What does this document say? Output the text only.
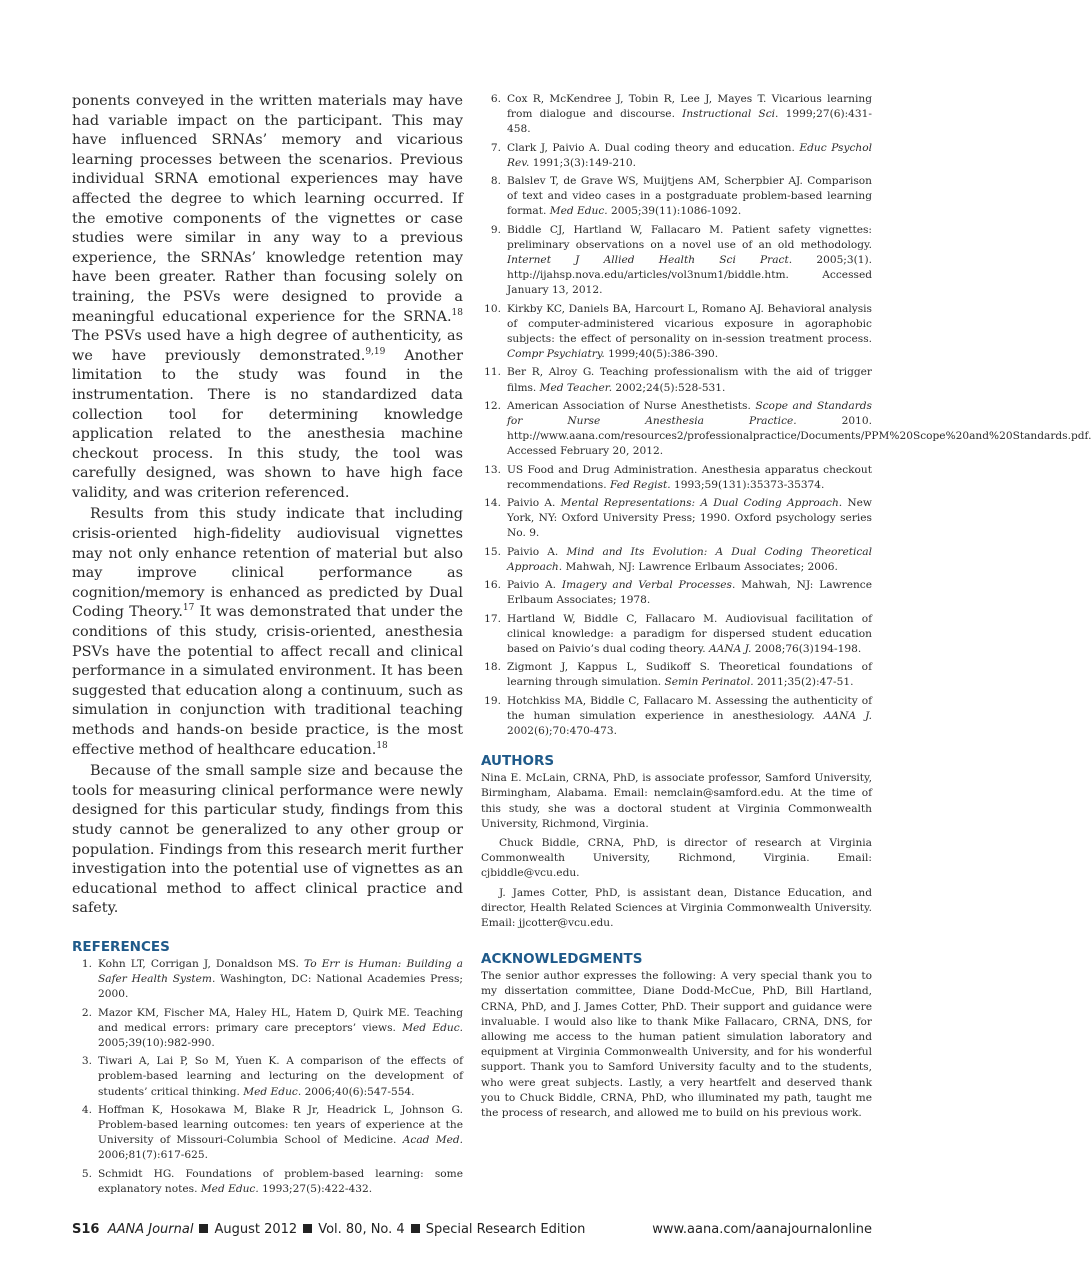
ponents conveyed in the written materials may have had variable impact on the participant. This may have influenced SRNAs’ memory and vicarious learning processes between the scenarios. Previous individual SRNA emotional experiences may have affected the degree to which learning occurred. If the emotive components of the vignettes or case studies were similar in any way to a previous experience, the SRNAs’ knowledge retention may have been greater. Rather than focusing solely on training, the PSVs were designed to provide a meaningful educational experience for the SRNA.$^{18}$ The PSVs used have a high degree of authenticity, as we have previously demonstrated.$^{9,19}$ Another limitation to the study was found in the instrumentation. There is no standardized data collection tool for determining knowledge application related to the anesthesia machine checkout process. In this study, the tool was carefully designed, was shown to have high face validity, and was criterion referenced.

Results from this study indicate that including crisis-oriented high-fidelity audiovisual vignettes may not only enhance retention of material but also may improve clinical performance as cognition/memory is enhanced as predicted by Dual Coding Theory.$^{17}$ It was demonstrated that under the conditions of this study, crisis-oriented, anesthesia PSVs have the potential to affect recall and clinical performance in a simulated environment. It has been suggested that education along a continuum, such as simulation in conjunction with traditional teaching methods and hands-on beside practice, is the most effective method of healthcare education.$^{18}$

Because of the small sample size and because the tools for measuring clinical performance were newly designed for this particular study, findings from this study cannot be generalized to any other group or population. Findings from this research merit further investigation into the potential use of vignettes as an educational method to affect clinical practice and safety.

REFERENCES
1. Kohn LT, Corrigan J, Donaldson MS. To Err is Human: Building a Safer Health System. Washington, DC: National Academies Press; 2000.
2. Mazor KM, Fischer MA, Haley HL, Hatem D, Quirk ME. Teaching and medical errors: primary care preceptors’ views. Med Educ. 2005;39(10):982-990.
3. Tiwari A, Lai P, So M, Yuen K. A comparison of the effects of problem-based learning and lecturing on the development of students’ critical thinking. Med Educ. 2006;40(6):547-554.
4. Hoffman K, Hosokawa M, Blake R Jr, Headrick L, Johnson G. Problem-based learning outcomes: ten years of experience at the University of Missouri-Columbia School of Medicine. Acad Med. 2006;81(7):617-625.
5. Schmidt HG. Foundations of problem-based learning: some explanatory notes. Med Educ. 1993;27(5):422-432.
6. Cox R, McKendree J, Tobin R, Lee J, Mayes T. Vicarious learning from dialogue and discourse. Instructional Sci. 1999;27(6):431-458.
7. Clark J, Paivio A. Dual coding theory and education. Educ Psychol Rev. 1991;3(3):149-210.
8. Balslev T, de Grave WS, Muijtjens AM, Scherpbier AJ. Comparison of text and video cases in a postgraduate problem-based learning format. Med Educ. 2005;39(11):1086-1092.
9. Biddle CJ, Hartland W, Fallacaro M. Patient safety vignettes: preliminary observations on a novel use of an old methodology. Internet J Allied Health Sci Pract. 2005;3(1). http://ijahsp.nova.edu/articles/vol3num1/biddle.htm. Accessed January 13, 2012.
10. Kirkby KC, Daniels BA, Harcourt L, Romano AJ. Behavioral analysis of computer-administered vicarious exposure in agoraphobic subjects: the effect of personality on in-session treatment process. Compr Psychiatry. 1999;40(5):386-390.
11. Ber R, Alroy G. Teaching professionalism with the aid of trigger films. Med Teacher. 2002;24(5):528-531.
12. American Association of Nurse Anesthetists. Scope and Standards for Nurse Anesthesia Practice. 2010. http://www.aana.com/resources2/professionalpractice/Documents/PPM%20Scope%20and%20Standards.pdf. Accessed February 20, 2012.
13. US Food and Drug Administration. Anesthesia apparatus checkout recommendations. Fed Regist. 1993;59(131):35373-35374.
14. Paivio A. Mental Representations: A Dual Coding Approach. New York, NY: Oxford University Press; 1990. Oxford psychology series No. 9.
15. Paivio A. Mind and Its Evolution: A Dual Coding Theoretical Approach. Mahwah, NJ: Lawrence Erlbaum Associates; 2006.
16. Paivio A. Imagery and Verbal Processes. Mahwah, NJ: Lawrence Erlbaum Associates; 1978.
17. Hartland W, Biddle C, Fallacaro M. Audiovisual facilitation of clinical knowledge: a paradigm for dispersed student education based on Paivio’s dual coding theory. AANA J. 2008;76(3)194-198.
18. Zigmont J, Kappus L, Sudikoff S. Theoretical foundations of learning through simulation. Semin Perinatol. 2011;35(2):47-51.
19. Hotchkiss MA, Biddle C, Fallacaro M. Assessing the authenticity of the human simulation experience in anesthesiology. AANA J. 2002(6);70:470-473.
AUTHORS

Nina E. McLain, CRNA, PhD, is associate professor, Samford University, Birmingham, Alabama. Email: nemclain@samford.edu. At the time of this study, she was a doctoral student at Virginia Commonwealth University, Richmond, Virginia.

Chuck Biddle, CRNA, PhD, is director of research at Virginia Commonwealth University, Richmond, Virginia. Email: cjbiddle@vcu.edu.

J. James Cotter, PhD, is assistant dean, Distance Education, and director, Health Related Sciences at Virginia Commonwealth University. Email: jjcotter@vcu.edu.

ACKNOWLEDGMENTS

The senior author expresses the following: A very special thank you to my dissertation committee, Diane Dodd-McCue, PhD, Bill Hartland, CRNA, PhD, and J. James Cotter, PhD. Their support and guidance were invaluable. I would also like to thank Mike Fallacaro, CRNA, DNS, for allowing me access to the human patient simulation laboratory and equipment at Virginia Commonwealth University, and for his wonderful support. Thank you to Samford University faculty and to the students, who were great subjects. Lastly, a very heartfelt and deserved thank you to Chuck Biddle, CRNA, PhD, who illuminated my path, taught me the process of research, and allowed me to build on his previous work.

S16 AANA Journal August 2012 Vol. 80, No. 4 Special Research Edition	www.aana.com/aanajournalonline
